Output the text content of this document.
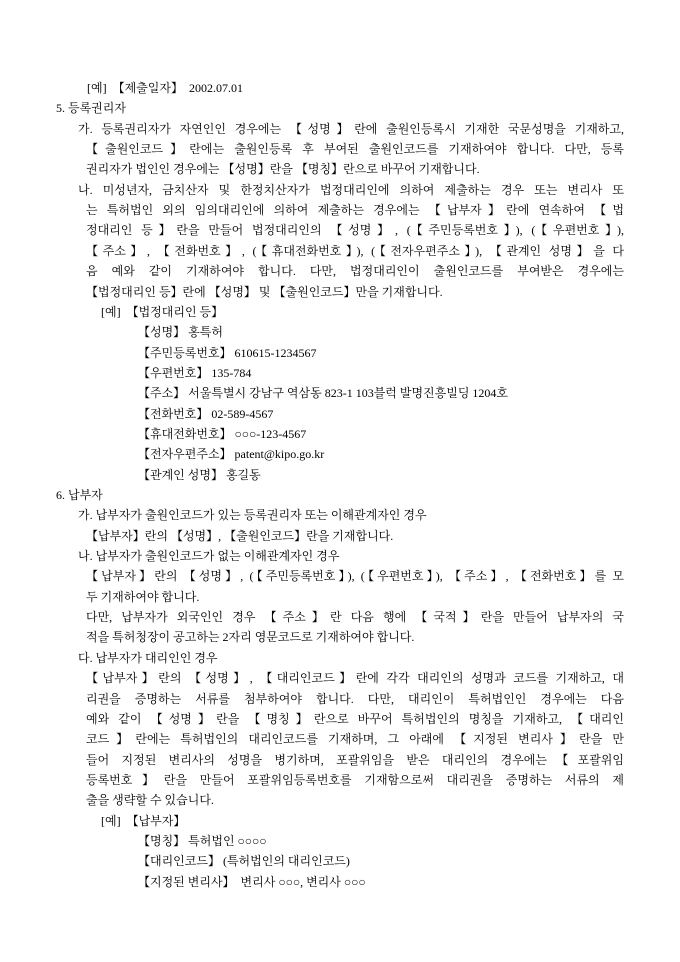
[예]  【제출일자】  2002.07.01
5. 등록권리자
가. 등록권리자가 자연인인 경우에는 【성명】란에 출원인등록시 기재한 국문성명을 기재하고,
【출원인코드】란에는 출원인등록 후 부여된 출원인코드를 기재하여야 합니다. 다만, 등록
권리자가 법인인 경우에는 【성명】란을 【명칭】란으로 바꾸어 기재합니다.
나. 미성년자, 금치산자 및 한정치산자가 법정대리인에 의하여 제출하는 경우 또는 변리사 또
는 특허법인 외의 임의대리인에 의하여 제출하는 경우에는 【납부자】란에 연속하여 【법
정대리인 등】란을 만들어 법정대리인의 【성명】, (【주민등록번호】), (【우편번호】),
【주소】, 【전화번호】, (【휴대전화번호】), (【전자우편주소】), 【관계인 성명】을 다
음 예와 같이 기재하여야 합니다. 다만, 법정대리인이 출원인코드를 부여받은 경우에는
【법정대리인 등】란에 【성명】 및 【출원인코드】만을 기재합니다.
[예]  【법정대리인 등】
【성명】 홍특허
【주민등록번호】 610615-1234567
【우편번호】 135-784
【주소】 서울특별시 강남구 역삼동 823-1 103블럭 발명진흥빌딩 1204호
【전화번호】 02-589-4567
【휴대전화번호】 ○○○-123-4567
【전자우편주소】 patent@kipo.go.kr
【관계인 성명】 홍길동
6. 납부자
가. 납부자가 출원인코드가 있는 등록권리자 또는 이해관계자인 경우
【납부자】란의 【성명】, 【출원인코드】란을 기재합니다.
나. 납부자가 출원인코드가 없는 이해관계자인 경우
【납부자】란의 【성명】, (【주민등록번호】), (【우편번호】), 【주소】, 【전화번호】를 모
두 기재하여야 합니다.
다만, 납부자가 외국인인 경우 【주소】란 다음 행에 【국적】란을 만들어 납부자의 국
적을 특허청장이 공고하는 2자리 영문코드로 기재하여야 합니다.
다. 납부자가 대리인인 경우
【납부자】란의 【성명】, 【대리인코드】란에 각각 대리인의 성명과 코드를 기재하고, 대
리권을 증명하는 서류를 첨부하여야 합니다. 다만, 대리인이 특허법인인 경우에는 다음
예와 같이 【성명】란을 【명칭】란으로 바꾸어 특허법인의 명칭을 기재하고, 【대리인
코드】란에는 특허법인의 대리인코드를 기재하며, 그 아래에 【지정된 변리사】란을 만
들어 지정된 변리사의 성명을 병기하며, 포괄위임을 받은 대리인의 경우에는【포괄위임
등록번호】란을 만들어 포괄위임등록번호를 기재함으로써 대리권을 증명하는 서류의 제
출을 생략할 수 있습니다.
[예]  【납부자】
【명칭】 특허법인 ○○○○
【대리인코드】 (특허법인의 대리인코드)
【지정된 변리사】  변리사 ○○○, 변리사 ○○○
